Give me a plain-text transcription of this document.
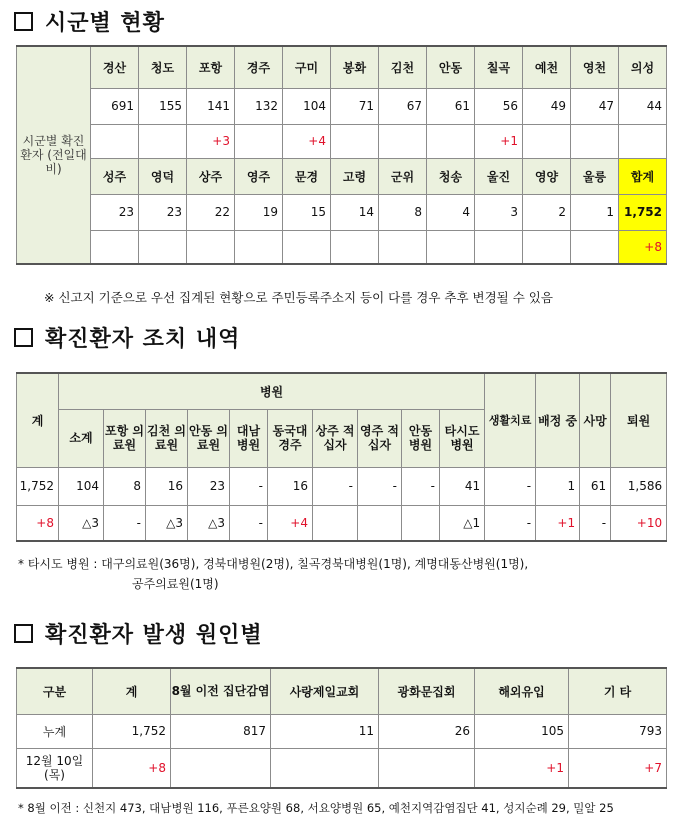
시군별 현황
시군별 확진환자 (전일대비)	경산	청도	포항	경주	구미	봉화	김천	안동	칠곡	예천	영천	의성
	691	155	141	132	104	71	67	61	56	49	47	44
			+3		+4				+1			
	성주	영덕	상주	영주	문경	고령	군위	청송	울진	영양	울릉	합계
	23	23	22	19	15	14	8	4	3	2	1	1,752
												+8
※ 신고지 기준으로 우선 집계된 현황으로 주민등록주소지 등이 다를 경우 추후 변경될 수 있음
확진환자 조치 내역
계	병원										생활치료	배정 중	사망	퇴원
	소계	포항 의료원	김천 의료원	안동 의료원	대남 병원	동국대 경주	상주 적십자	영주 적십자	안동 병원	타시도 병원				
1,752	104	8	16	23	-	16	-	-	-	41	-	1	61	1,586
+8	△3	-	△3	△3	-	+4				△1	-	+1	-	+10
* 타시도 병원 : 대구의료원(36명), 경북대병원(2명), 칠곡경북대병원(1명), 계명대동산병원(1명),
공주의료원(1명)
확진환자 발생 원인별
구분	계	8월 이전 집단감염	사랑제일교회	광화문집회	해외유입	기 타
누계	1,752	817	11	26	105	793
12월 10일 (목)	+8				+1	+7
* 8월 이전 : 신천지 473, 대남병원 116, 푸른요양원 68, 서요양병원 65, 예천지역감염집단 41, 성지순례 29, 밀알 25
